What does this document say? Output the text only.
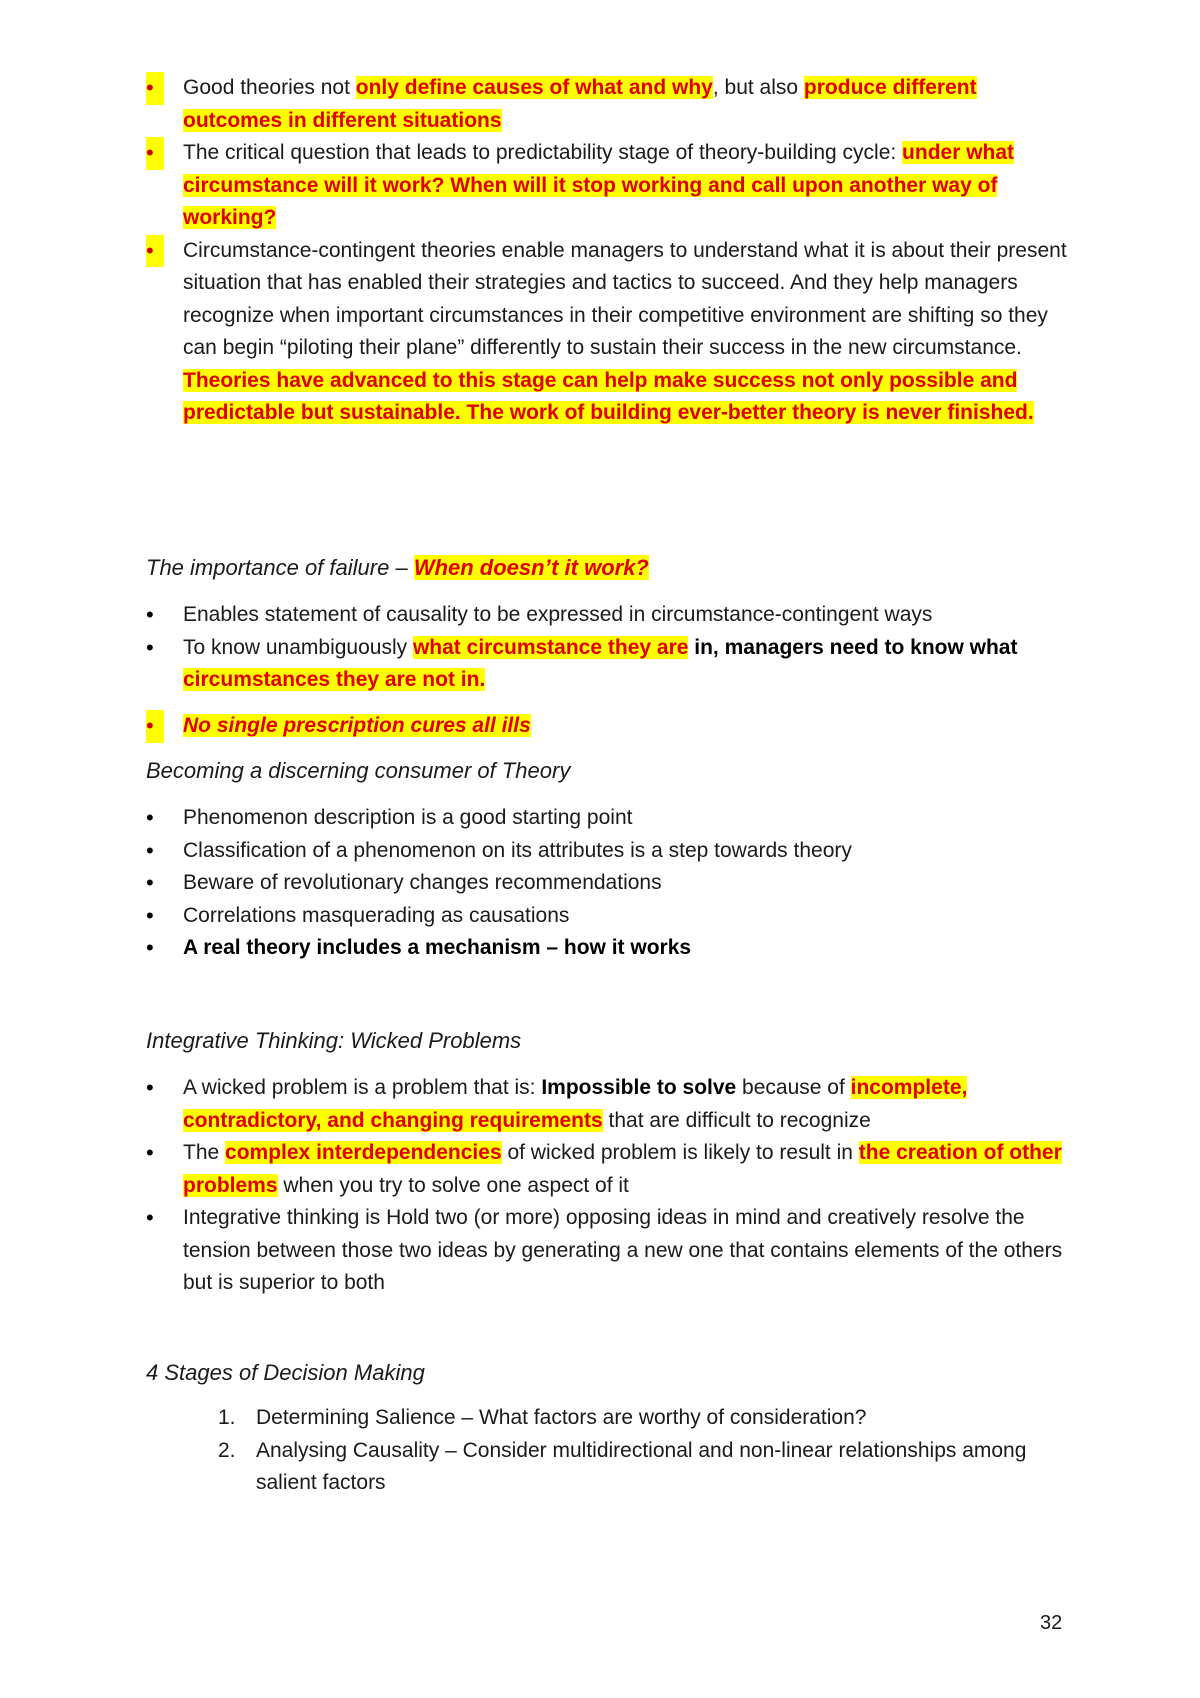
• Good theories not only define causes of what and why, but also produce different outcomes in different situations
• The critical question that leads to predictability stage of theory-building cycle: under what circumstance will it work? When will it stop working and call upon another way of working?
• Circumstance-contingent theories enable managers to understand what it is about their present situation that has enabled their strategies and tactics to succeed. And they help managers recognize when important circumstances in their competitive environment are shifting so they can begin “piloting their plane” differently to sustain their success in the new circumstance. Theories have advanced to this stage can help make success not only possible and predictable but sustainable. The work of building ever-better theory is never finished.
The importance of failure – When doesn’t it work?
• Enables statement of causality to be expressed in circumstance-contingent ways
• To know unambiguously what circumstance they are in, managers need to know what circumstances they are not in.
• No single prescription cures all ills
Becoming a discerning consumer of Theory
• Phenomenon description is a good starting point
• Classification of a phenomenon on its attributes is a step towards theory
• Beware of revolutionary changes recommendations
• Correlations masquerading as causations
• A real theory includes a mechanism – how it works
Integrative Thinking: Wicked Problems
• A wicked problem is a problem that is: Impossible to solve because of incomplete, contradictory, and changing requirements that are difficult to recognize
• The complex interdependencies of wicked problem is likely to result in the creation of other problems when you try to solve one aspect of it
• Integrative thinking is Hold two (or more) opposing ideas in mind and creatively resolve the tension between those two ideas by generating a new one that contains elements of the others but is superior to both
4 Stages of Decision Making
1. Determining Salience – What factors are worthy of consideration?
2. Analysing Causality – Consider multidirectional and non-linear relationships among salient factors
32
